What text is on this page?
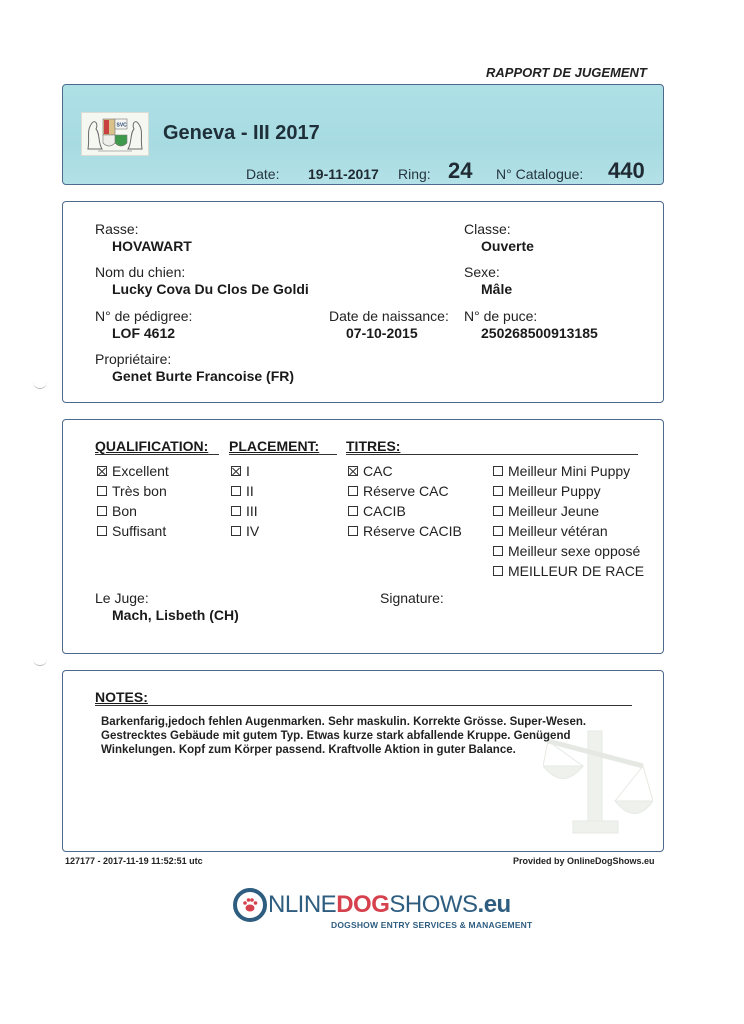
RAPPORT DE JUGEMENT
SVC Geneva - III 2017
Date: 19-11-2017 Ring: 24 N° Catalogue: 440
Rasse:
HOVAWART
Classe:
Ouverte
Nom du chien:
Lucky Cova Du Clos De Goldi
Sexe:
Mâle
N° de pédigree:
LOF 4612
Date de naissance:
07-10-2015
N° de puce:
250268500913185
Propriétaire:
Genet Burte Francoise (FR)
QUALIFICATION: PLACEMENT: TITRES:
Excellent
Très bon
Bon
Suffisant
I
II
III
IV
CAC
Réserve CAC
CACIB
Réserve CACIB
Meilleur Mini Puppy
Meilleur Puppy
Meilleur Jeune
Meilleur vétéran
Meilleur sexe opposé
MEILLEUR DE RACE
Le Juge:
Mach, Lisbeth (CH)
Signature:
NOTES:
Barkenfarig,jedoch fehlen Augenmarken. Sehr maskulin. Korrekte Grösse. Super-Wesen. Gestrecktes Gebäude mit gutem Typ. Etwas kurze stark abfallende Kruppe. Genügend Winkelungen. Kopf zum Körper passend. Kraftvolle Aktion in guter Balance.
127177 - 2017-11-19 11:52:51 utc	Provided by OnlineDogShows.eu
NLINEDOGSHOWS.eu
DOGSHOW ENTRY SERVICES & MANAGEMENT
